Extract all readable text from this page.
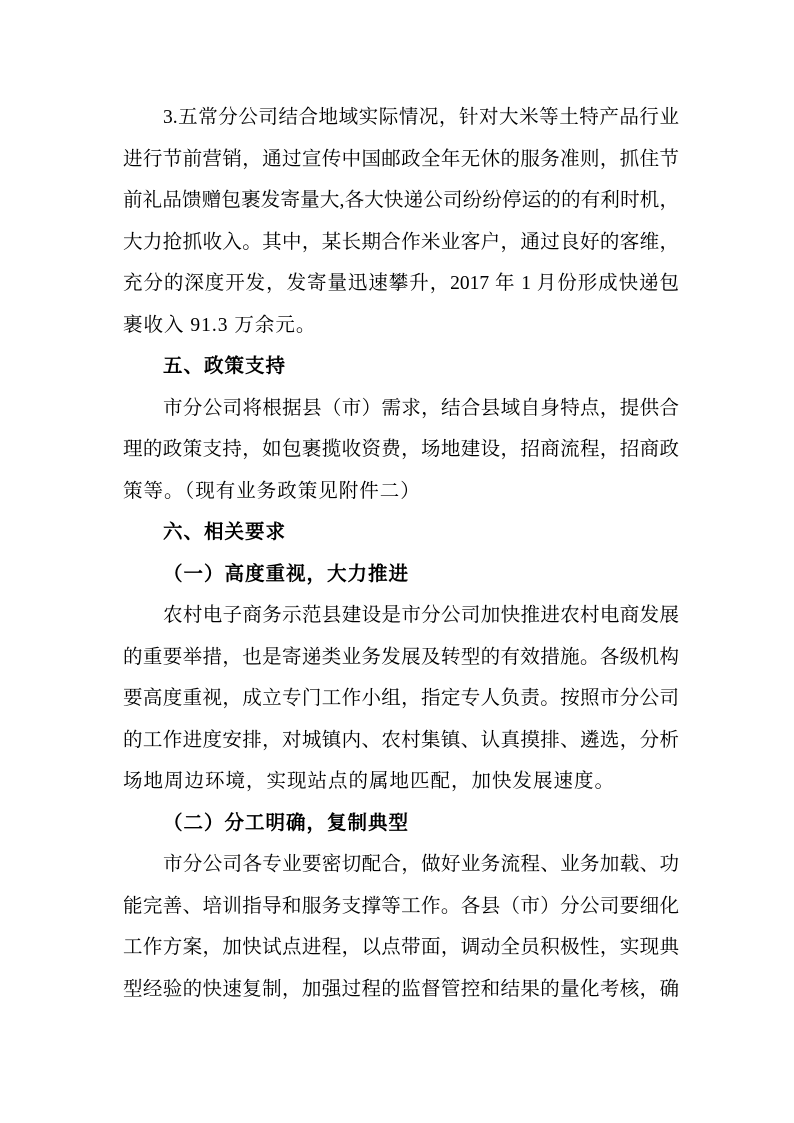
3.五常分公司结合地域实际情况，针对大米等土特产品行业
进行节前营销，通过宣传中国邮政全年无休的服务准则，抓住节
前礼品馈赠包裹发寄量大,各大快递公司纷纷停运的的有利时机，
大力抢抓收入。其中，某长期合作米业客户，通过良好的客维，
充分的深度开发，发寄量迅速攀升，2017 年 1 月份形成快递包
裹收入 91.3 万余元。
五、政策支持
市分公司将根据县（市）需求，结合县域自身特点，提供合
理的政策支持，如包裹揽收资费，场地建设，招商流程，招商政
策等。（现有业务政策见附件二）
六、相关要求
（一）高度重视，大力推进
农村电子商务示范县建设是市分公司加快推进农村电商发展
的重要举措，也是寄递类业务发展及转型的有效措施。各级机构
要高度重视，成立专门工作小组，指定专人负责。按照市分公司
的工作进度安排，对城镇内、农村集镇、认真摸排、遴选，分析
场地周边环境，实现站点的属地匹配，加快发展速度。
（二）分工明确，复制典型
市分公司各专业要密切配合，做好业务流程、业务加载、功
能完善、培训指导和服务支撑等工作。各县（市）分公司要细化
工作方案，加快试点进程，以点带面，调动全员积极性，实现典
型经验的快速复制，加强过程的监督管控和结果的量化考核，确
